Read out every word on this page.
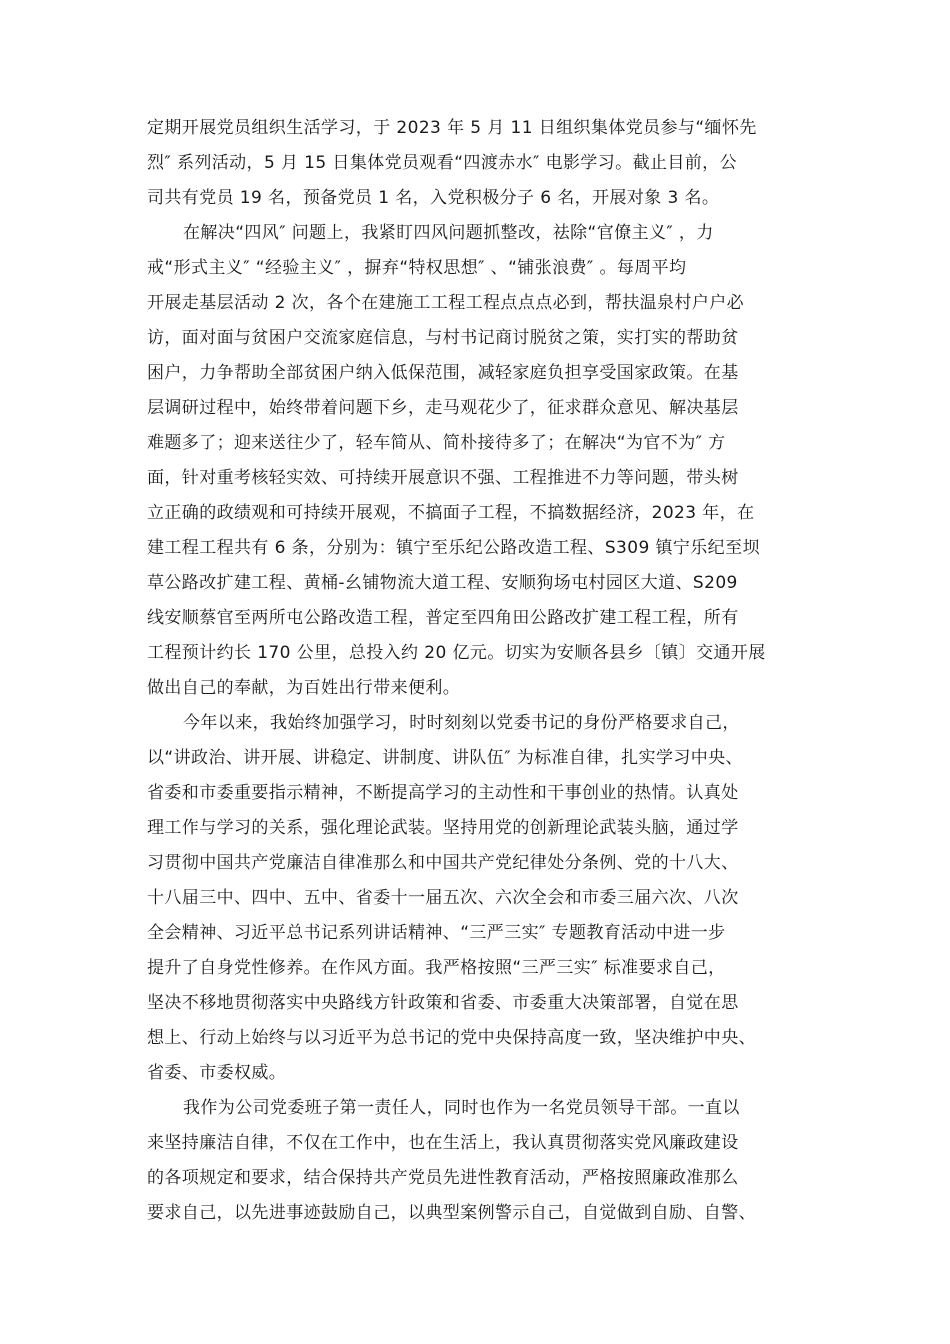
定期开展党员组织生活学习，于 2023 年 5 月 11 日组织集体党员参与“缅怀先
烈″ 系列活动，5 月 15 日集体党员观看“四渡赤水″ 电影学习。截止目前，公
司共有党员 19 名，预备党员 1 名，入党积极分子 6 名，开展对象 3 名。
在解决“四风″ 问题上，我紧盯四风问题抓整改，祛除“官僚主义″ ，力
戒“形式主义″ “经验主义″ ，摒弃“特权思想″ 、“铺张浪费″ 。每周平均
开展走基层活动 2 次，各个在建施工工程工程点点点必到，帮扶温泉村户户必
访，面对面与贫困户交流家庭信息，与村书记商讨脱贫之策，实打实的帮助贫
困户，力争帮助全部贫困户纳入低保范围，减轻家庭负担享受国家政策。在基
层调研过程中，始终带着问题下乡，走马观花少了，征求群众意见、解决基层
难题多了；迎来送往少了，轻车简从、简朴接待多了；在解决“为官不为″ 方
面，针对重考核轻实效、可持续开展意识不强、工程推进不力等问题，带头树
立正确的政绩观和可持续开展观，不搞面子工程，不搞数据经济，2023 年，在
建工程工程共有 6 条，分别为：镇宁至乐纪公路改造工程、S309 镇宁乐纪至坝
草公路改扩建工程、黄桶-幺铺物流大道工程、安顺狗场屯村园区大道、S209
线安顺蔡官至两所屯公路改造工程，普定至四角田公路改扩建工程工程，所有
工程预计约长 170 公里，总投入约 20 亿元。切实为安顺各县乡〔镇〕交通开展
做出自己的奉献，为百姓出行带来便利。
今年以来，我始终加强学习，时时刻刻以党委书记的身份严格要求自己，
以“讲政治、讲开展、讲稳定、讲制度、讲队伍″ 为标准自律，扎实学习中央、
省委和市委重要指示精神，不断提高学习的主动性和干事创业的热情。认真处
理工作与学习的关系，强化理论武装。坚持用党的创新理论武装头脑，通过学
习贯彻中国共产党廉洁自律准那么和中国共产党纪律处分条例、党的十八大、
十八届三中、四中、五中、省委十一届五次、六次全会和市委三届六次、八次
全会精神、习近平总书记系列讲话精神、“三严三实″ 专题教育活动中进一步
提升了自身党性修养。在作风方面。我严格按照“三严三实″ 标准要求自己，
坚决不移地贯彻落实中央路线方针政策和省委、市委重大决策部署，自觉在思
想上、行动上始终与以习近平为总书记的党中央保持高度一致，坚决维护中央、
省委、市委权威。
我作为公司党委班子第一责任人，同时也作为一名党员领导干部。一直以
来坚持廉洁自律，不仅在工作中，也在生活上，我认真贯彻落实党风廉政建设
的各项规定和要求，结合保持共产党员先进性教育活动，严格按照廉政准那么
要求自己，以先进事迹鼓励自己，以典型案例警示自己，自觉做到自励、自警、
